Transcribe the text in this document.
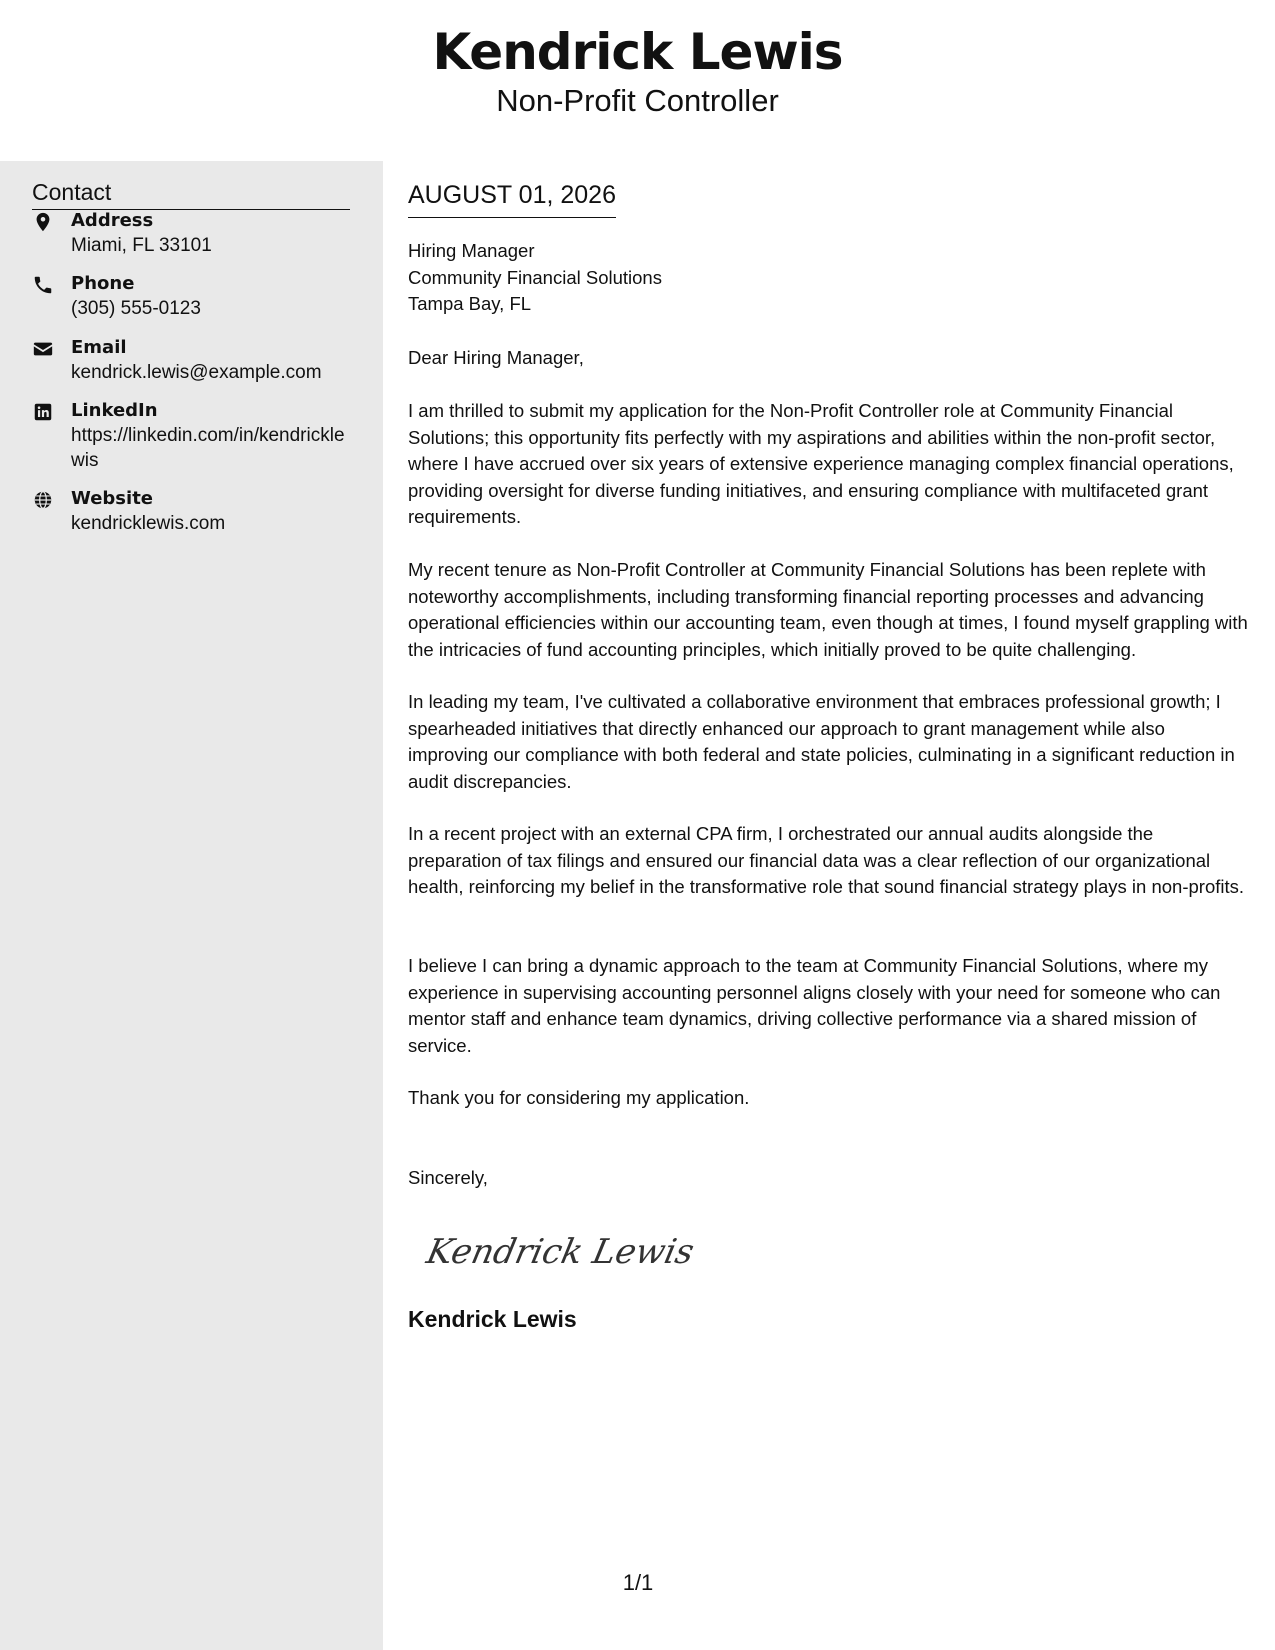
Kendrick Lewis
Non-Profit Controller
Contact
Address
Miami, FL 33101
Phone
(305) 555-0123
Email
kendrick.lewis@example.com
LinkedIn
https://linkedin.com/in/kendricklewis
Website
kendricklewis.com
AUGUST 01, 2026
Hiring Manager
Community Financial Solutions
Tampa Bay, FL
Dear Hiring Manager,
I am thrilled to submit my application for the Non-Profit Controller role at Community Financial Solutions; this opportunity fits perfectly with my aspirations and abilities within the non-profit sector, where I have accrued over six years of extensive experience managing complex financial operations, providing oversight for diverse funding initiatives, and ensuring compliance with multifaceted grant requirements.
My recent tenure as Non-Profit Controller at Community Financial Solutions has been replete with noteworthy accomplishments, including transforming financial reporting processes and advancing operational efficiencies within our accounting team, even though at times, I found myself grappling with the intricacies of fund accounting principles, which initially proved to be quite challenging.
In leading my team, I've cultivated a collaborative environment that embraces professional growth; I spearheaded initiatives that directly enhanced our approach to grant management while also improving our compliance with both federal and state policies, culminating in a significant reduction in audit discrepancies.
In a recent project with an external CPA firm, I orchestrated our annual audits alongside the preparation of tax filings and ensured our financial data was a clear reflection of our organizational health, reinforcing my belief in the transformative role that sound financial strategy plays in non-profits.
I believe I can bring a dynamic approach to the team at Community Financial Solutions, where my experience in supervising accounting personnel aligns closely with your need for someone who can mentor staff and enhance team dynamics, driving collective performance via a shared mission of service.
Thank you for considering my application.
Sincerely,
Kendrick Lewis
Kendrick Lewis
1/1
